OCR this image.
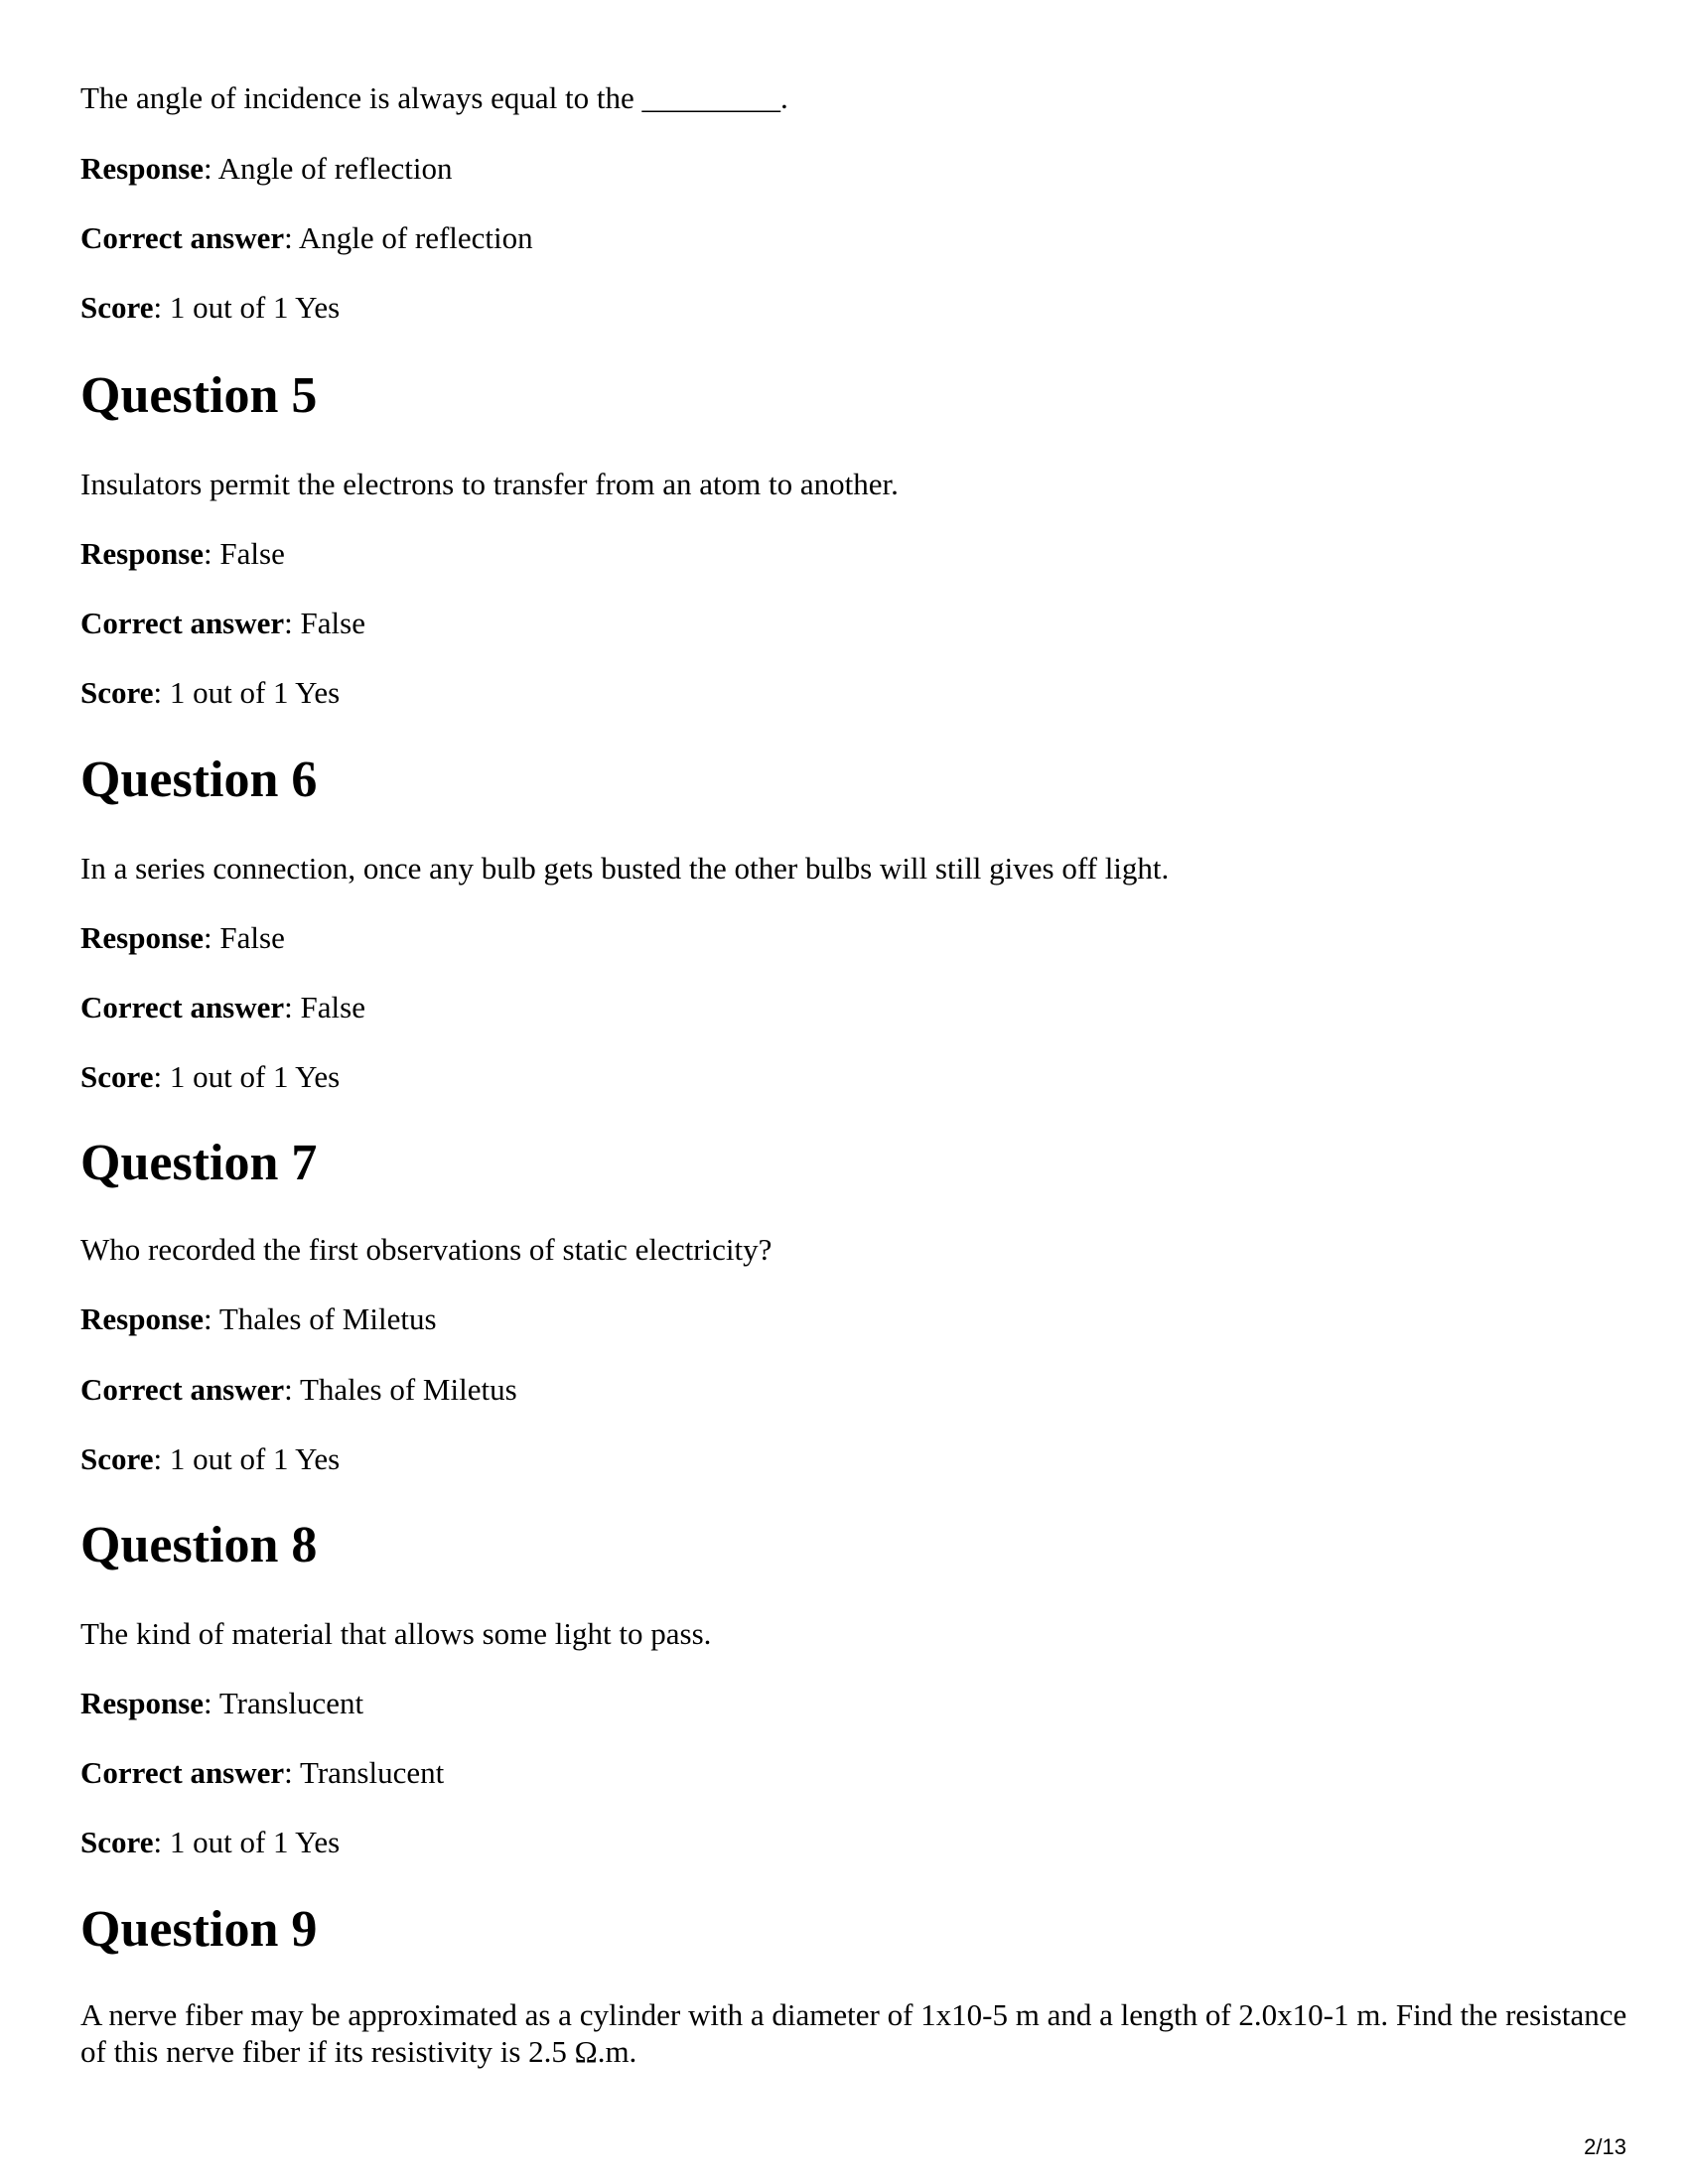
The angle of incidence is always equal to the _________.
Response: Angle of reflection
Correct answer: Angle of reflection
Score: 1 out of 1 Yes
Question 5
Insulators permit the electrons to transfer from an atom to another.
Response: False
Correct answer: False
Score: 1 out of 1 Yes
Question 6
In a series connection, once any bulb gets busted the other bulbs will still gives off light.
Response: False
Correct answer: False
Score: 1 out of 1 Yes
Question 7
Who recorded the first observations of static electricity?
Response: Thales of Miletus
Correct answer: Thales of Miletus
Score: 1 out of 1 Yes
Question 8
The kind of material that allows some light to pass.
Response: Translucent
Correct answer: Translucent
Score: 1 out of 1 Yes
Question 9
A nerve fiber may be approximated as a cylinder with a diameter of 1x10-5 m and a length of 2.0x10-1 m. Find the resistance of this nerve fiber if its resistivity is 2.5 Ω.m.
2/13
